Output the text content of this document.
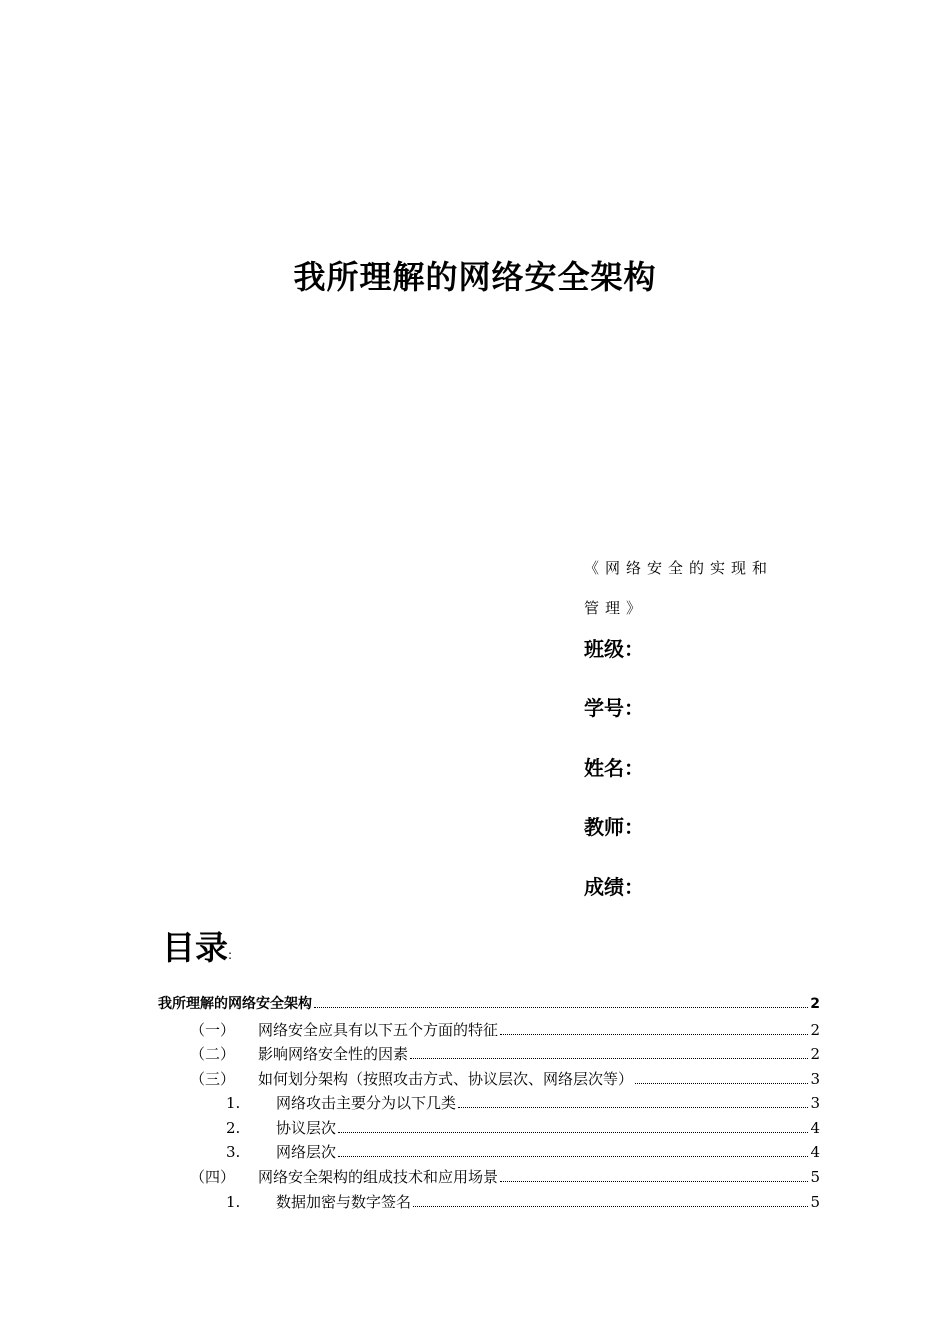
我所理解的网络安全架构
《网络安全的实现和管理》
班级：
学号：
姓名：
教师：
成绩：
目录:
我所理解的网络安全架构	2
（一）	网络安全应具有以下五个方面的特征	2
（二）	影响网络安全性的因素	2
（三）	如何划分架构（按照攻击方式、协议层次、网络层次等）	3
1.	网络攻击主要分为以下几类	3
2.	协议层次	4
3.	网络层次	4
（四）	网络安全架构的组成技术和应用场景	5
1.	数据加密与数字签名	5
